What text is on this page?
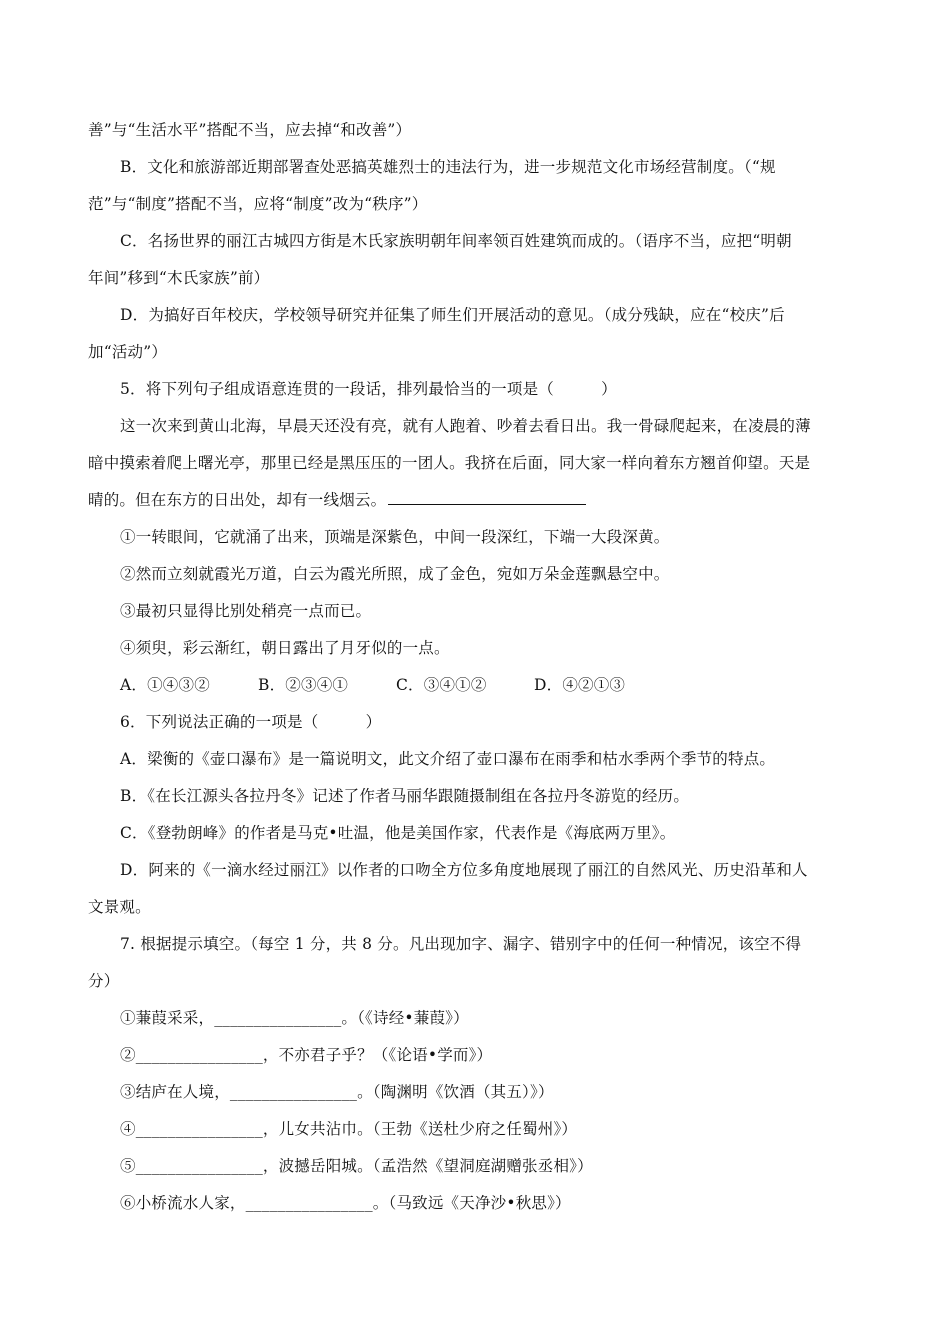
善”与“生活水平”搭配不当，应去掉“和改善”）
B．文化和旅游部近期部署查处恶搞英雄烈士的违法行为，进一步规范文化市场经营制度。（“规
范”与“制度”搭配不当，应将“制度”改为“秩序”）
C．名扬世界的丽江古城四方街是木氏家族明朝年间率领百姓建筑而成的。（语序不当，应把“明朝
年间”移到“木氏家族”前）
D．为搞好百年校庆，学校领导研究并征集了师生们开展活动的意见。（成分残缺，应在“校庆”后
加“活动”）
5．将下列句子组成语意连贯的一段话，排列最恰当的一项是（　　　）
这一次来到黄山北海，早晨天还没有亮，就有人跑着、吵着去看日出。我一骨碌爬起来，在凌晨的薄
暗中摸索着爬上曙光亭，那里已经是黑压压的一团人。我挤在后面，同大家一样向着东方翘首仰望。天是
晴的。但在东方的日出处，却有一线烟云。
①一转眼间，它就涌了出来，顶端是深紫色，中间一段深红，下端一大段深黄。
②然而立刻就霞光万道，白云为霞光所照，成了金色，宛如万朵金莲飘悬空中。
③最初只显得比别处稍亮一点而已。
④须臾，彩云渐红，朝日露出了月牙似的一点。
A．①④③②	B．②③④①	C．③④①②	D．④②①③
6．下列说法正确的一项是（　　　）
A．梁衡的《壶口瀑布》是一篇说明文，此文介绍了壶口瀑布在雨季和枯水季两个季节的特点。
B．《在长江源头各拉丹冬》记述了作者马丽华跟随摄制组在各拉丹冬游览的经历。
C．《登勃朗峰》的作者是马克•吐温，他是美国作家，代表作是《海底两万里》。
D．阿来的《一滴水经过丽江》以作者的口吻全方位多角度地展现了丽江的自然风光、历史沿革和人
文景观。
7. 根据提示填空。（每空 1 分，共 8 分。凡出现加字、漏字、错别字中的任何一种情况，该空不得
分）
①蒹葭采采，________________。（《诗经•蒹葭》）
②________________，不亦君子乎？（《论语•学而》）
③结庐在人境，________________。（陶渊明《饮酒（其五）》）
④________________，儿女共沾巾。（王勃《送杜少府之任蜀州》）
⑤________________，波撼岳阳城。（孟浩然《望洞庭湖赠张丞相》）
⑥小桥流水人家，________________。（马致远《天净沙•秋思》）
